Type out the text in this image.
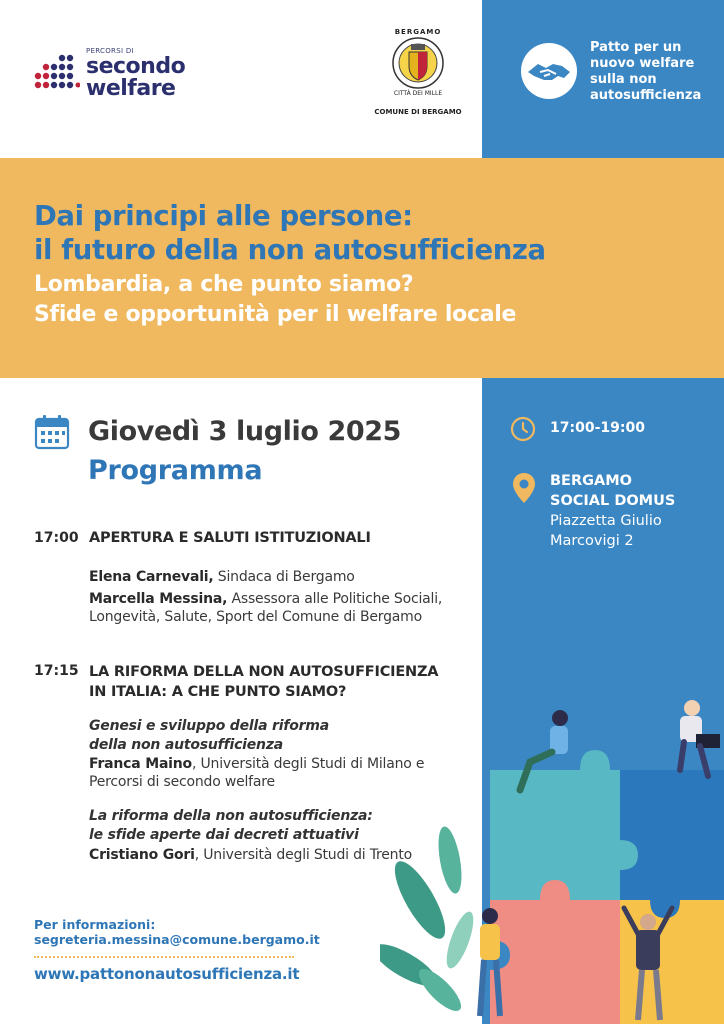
PERCORSI DI
secondo
welfare
BERGAMO
CITTÀ DEI MILLE
COMUNE DI BERGAMO
Patto per un
nuovo welfare
sulla non
autosufficienza
Dai principi alle persone:
il futuro della non autosufficienza
Lombardia, a che punto siamo?
Sfide e opportunità per il welfare locale
17:00-19:00
BERGAMO
SOCIAL DOMUS
Piazzetta Giulio
Marcovigi 2
Giovedì 3 luglio 2025
Programma
17:00 APERTURA E SALUTI ISTITUZIONALI
Elena Carnevali, Sindaca di Bergamo
Marcella Messina, Assessora alle Politiche Sociali,
Longevità, Salute, Sport del Comune di Bergamo
17:15 LA RIFORMA DELLA NON AUTOSUFFICIENZA
IN ITALIA: A CHE PUNTO SIAMO?
Genesi e sviluppo della riforma
della non autosufficienza
Franca Maino, Università degli Studi di Milano e
Percorsi di secondo welfare
La riforma della non autosufficienza:
le sfide aperte dai decreti attuativi
Cristiano Gori, Università degli Studi di Trento
Per informazioni:
segreteria.messina@comune.bergamo.it
www.pattononautosufficienza.it
